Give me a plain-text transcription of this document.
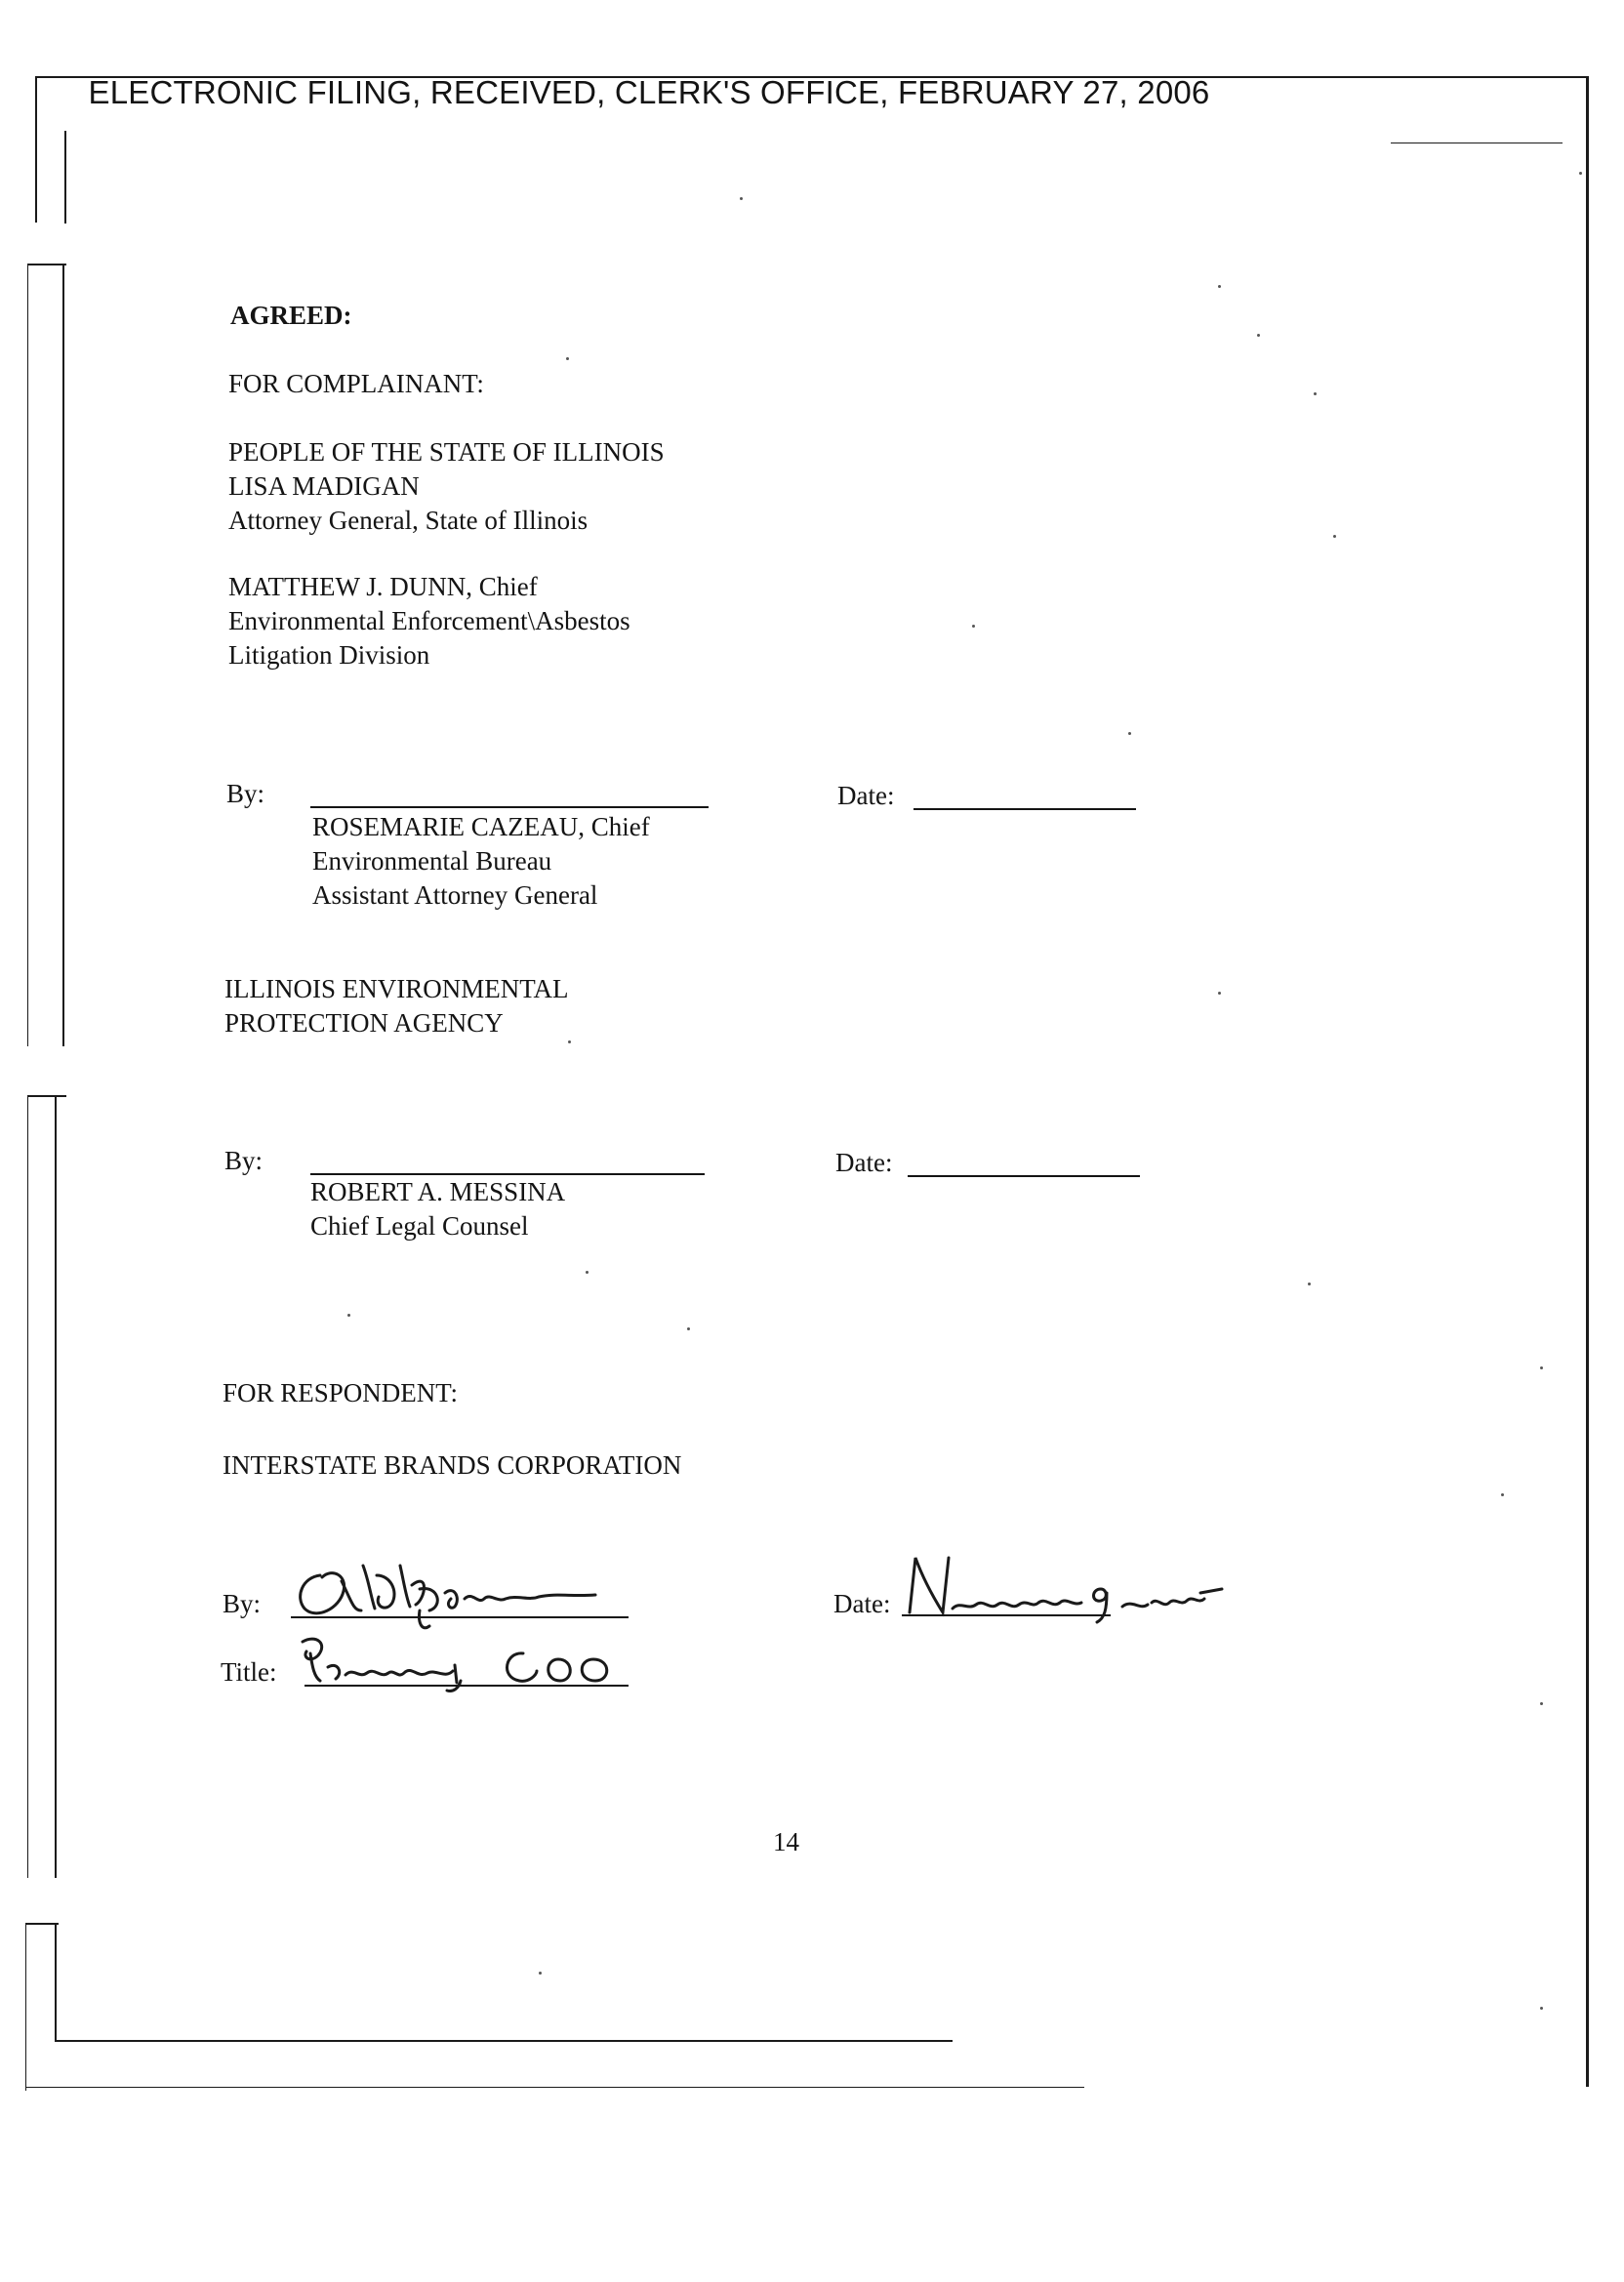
ELECTRONIC FILING, RECEIVED, CLERK'S OFFICE, FEBRUARY 27, 2006
AGREED:
FOR COMPLAINANT:
PEOPLE OF THE STATE OF ILLINOIS
LISA MADIGAN
Attorney General, State of Illinois
MATTHEW J. DUNN, Chief
Environmental Enforcement\Asbestos
Litigation Division
By:	Date:
ROSEMARIE CAZEAU, Chief
Environmental Bureau
Assistant Attorney General
ILLINOIS ENVIRONMENTAL
PROTECTION AGENCY
By:	Date:
ROBERT A. MESSINA
Chief Legal Counsel
FOR RESPONDENT:
INTERSTATE BRANDS CORPORATION
By:
Title:
Date:
14
